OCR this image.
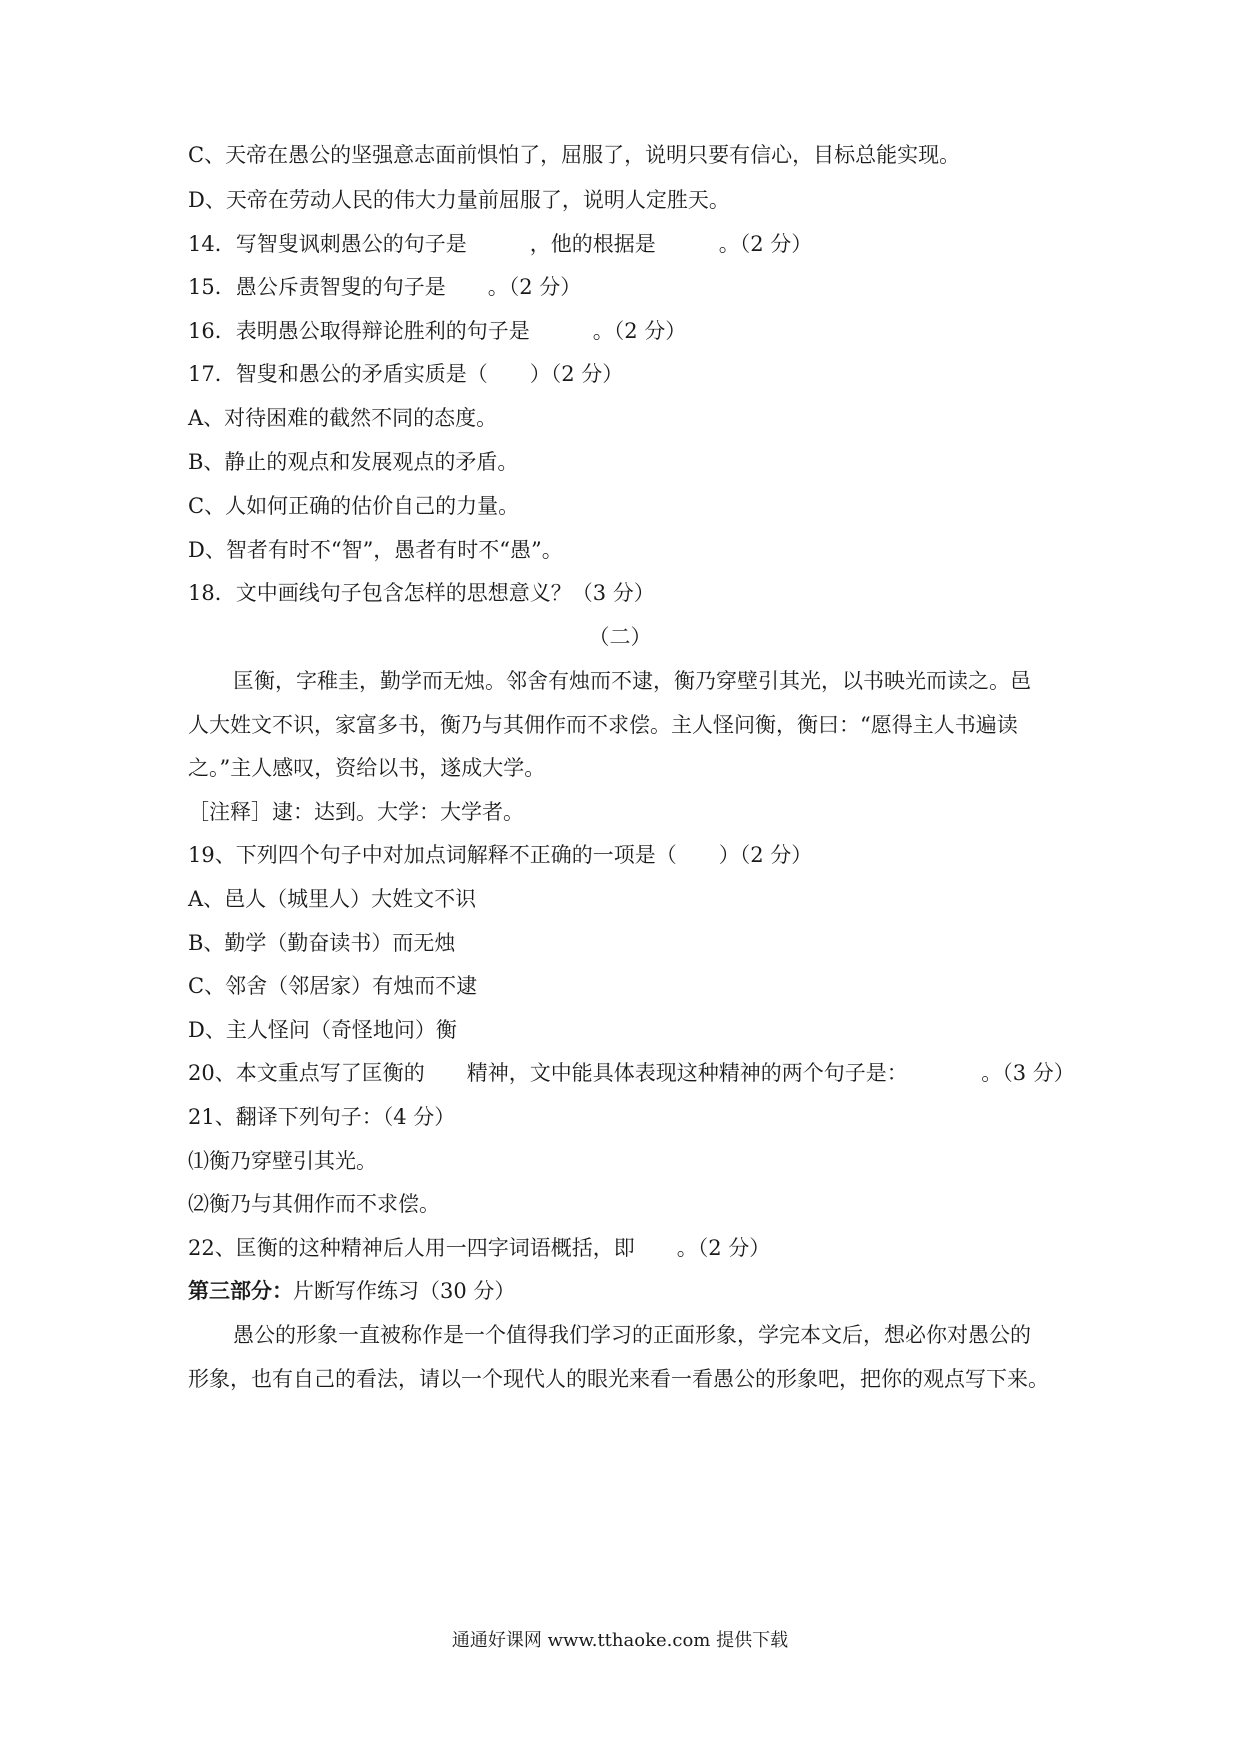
C、天帝在愚公的坚强意志面前惧怕了，屈服了，说明只要有信心，目标总能实现。
D、天帝在劳动人民的伟大力量前屈服了，说明人定胜天。
14．写智叟讽刺愚公的句子是　　　，他的根据是　　　。（2 分）
15．愚公斥责智叟的句子是　　。（2 分）
16．表明愚公取得辩论胜利的句子是　　　。（2 分）
17．智叟和愚公的矛盾实质是（　　）（2 分）
A、对待困难的截然不同的态度。
B、静止的观点和发展观点的矛盾。
C、人如何正确的估价自己的力量。
D、智者有时不“智”，愚者有时不“愚”。
18．文中画线句子包含怎样的思想意义？（3 分）
（二）
匡衡，字稚圭，勤学而无烛。邻舍有烛而不逮，衡乃穿壁引其光，以书映光而读之。邑
人大姓文不识，家富多书，衡乃与其佣作而不求偿。主人怪问衡，衡曰：“愿得主人书遍读
之。”主人感叹，资给以书，遂成大学。
［注释］逮：达到。大学：大学者。
19、下列四个句子中对加点词解释不正确的一项是（　　）（2 分）
A、邑人（城里人）大姓文不识
B、勤学（勤奋读书）而无烛
C、邻舍（邻居家）有烛而不逮
D、主人怪问（奇怪地问）衡
20、本文重点写了匡衡的　　精神，文中能具体表现这种精神的两个句子是：　　　　。（3 分）
21、翻译下列句子：（4 分）
⑴衡乃穿壁引其光。
⑵衡乃与其佣作而不求偿。
22、匡衡的这种精神后人用一四字词语概括，即　　。（2 分）
第三部分：片断写作练习（30 分）
愚公的形象一直被称作是一个值得我们学习的正面形象，学完本文后，想必你对愚公的
形象，也有自己的看法，请以一个现代人的眼光来看一看愚公的形象吧，把你的观点写下来。
通通好课网 www.tthaoke.com 提供下载
